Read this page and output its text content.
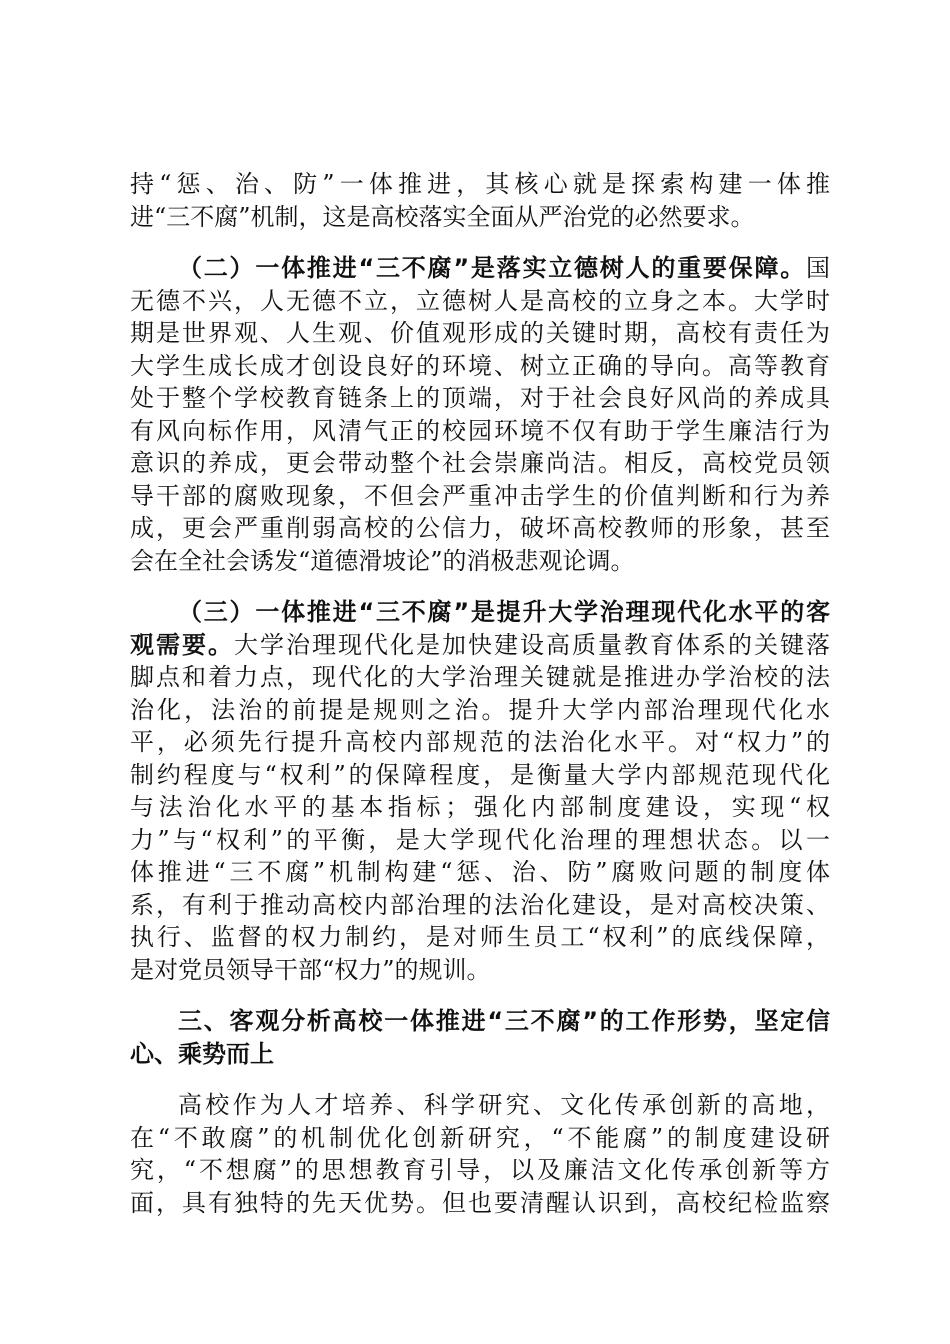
持“惩、治、防”一体推进，其核心就是探索构建一体推
进“三不腐”机制，这是高校落实全面从严治党的必然要求。

（二）一体推进“三不腐”是落实立德树人的重要保障。国
无德不兴，人无德不立，立德树人是高校的立身之本。大学时
期是世界观、人生观、价值观形成的关键时期，高校有责任为
大学生成长成才创设良好的环境、树立正确的导向。高等教育
处于整个学校教育链条上的顶端，对于社会良好风尚的养成具
有风向标作用，风清气正的校园环境不仅有助于学生廉洁行为
意识的养成，更会带动整个社会崇廉尚洁。相反，高校党员领
导干部的腐败现象，不但会严重冲击学生的价值判断和行为养
成，更会严重削弱高校的公信力，破坏高校教师的形象，甚至
会在全社会诱发“道德滑坡论”的消极悲观论调。

（三）一体推进“三不腐”是提升大学治理现代化水平的客
观需要。大学治理现代化是加快建设高质量教育体系的关键落
脚点和着力点，现代化的大学治理关键就是推进办学治校的法
治化，法治的前提是规则之治。提升大学内部治理现代化水
平，必须先行提升高校内部规范的法治化水平。对“权力”的
制约程度与“权利”的保障程度，是衡量大学内部规范现代化
与法治化水平的基本指标；强化内部制度建设，实现“权
力”与“权利”的平衡，是大学现代化治理的理想状态。以一
体推进“三不腐”机制构建“惩、治、防”腐败问题的制度体
系，有利于推动高校内部治理的法治化建设，是对高校决策、
执行、监督的权力制约，是对师生员工“权利”的底线保障，
是对党员领导干部“权力”的规训。

三、客观分析高校一体推进“三不腐”的工作形势，坚定信
心、乘势而上

高校作为人才培养、科学研究、文化传承创新的高地，
在“不敢腐”的机制优化创新研究，“不能腐”的制度建设研
究，“不想腐”的思想教育引导，以及廉洁文化传承创新等方
面，具有独特的先天优势。但也要清醒认识到，高校纪检监察
